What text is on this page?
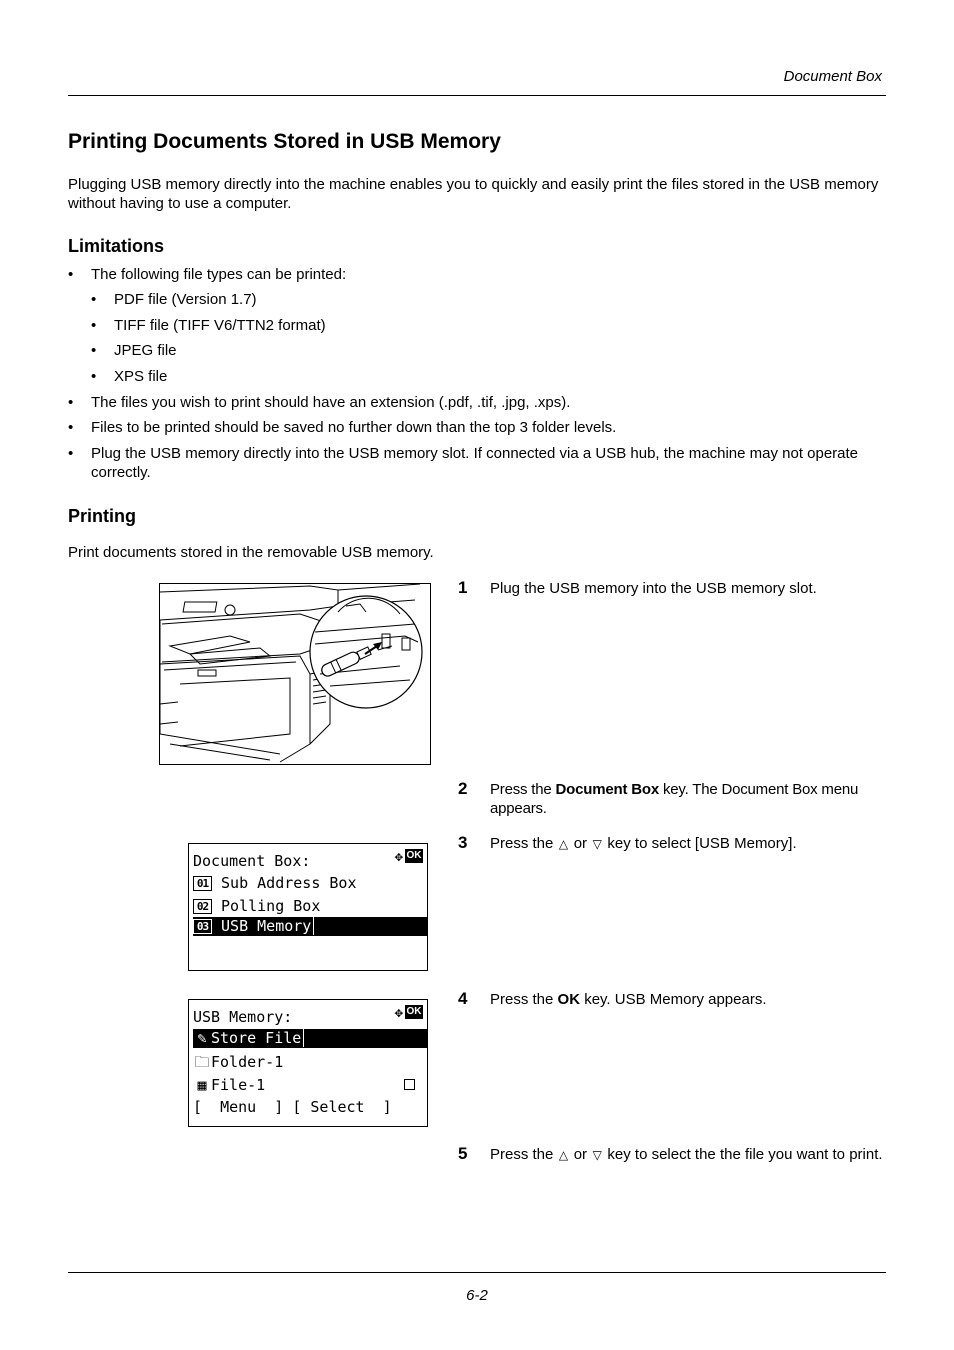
Document Box
Printing Documents Stored in USB Memory
Plugging USB memory directly into the machine enables you to quickly and easily print the files stored in the USB memory without having to use a computer.
Limitations
• The following file types can be printed:
• PDF file (Version 1.7)
• TIFF file (TIFF V6/TTN2 format)
• JPEG file
• XPS file
• The files you wish to print should have an extension (.pdf, .tif, .jpg, .xps).
• Files to be printed should be saved no further down than the top 3 folder levels.
• Plug the USB memory directly into the USB memory slot. If connected via a USB hub, the machine may not operate correctly.
Printing
Print documents stored in the removable USB memory.
1 Plug the USB memory into the USB memory slot.
2 Press the Document Box key. The Document Box menu appears.
3 Press the △ or ▽ key to select [USB Memory].
4 Press the OK key. USB Memory appears.
5 Press the △ or ▽ key to select the the file you want to print.
Document Box:	✥ OK
01 Sub Address Box
02 Polling Box
03 USB Memory
USB Memory:	✥ OK
✎ Store File
🗀 Folder-1
▦ File-1
[  Menu  ] [ Select  ]
6-2
